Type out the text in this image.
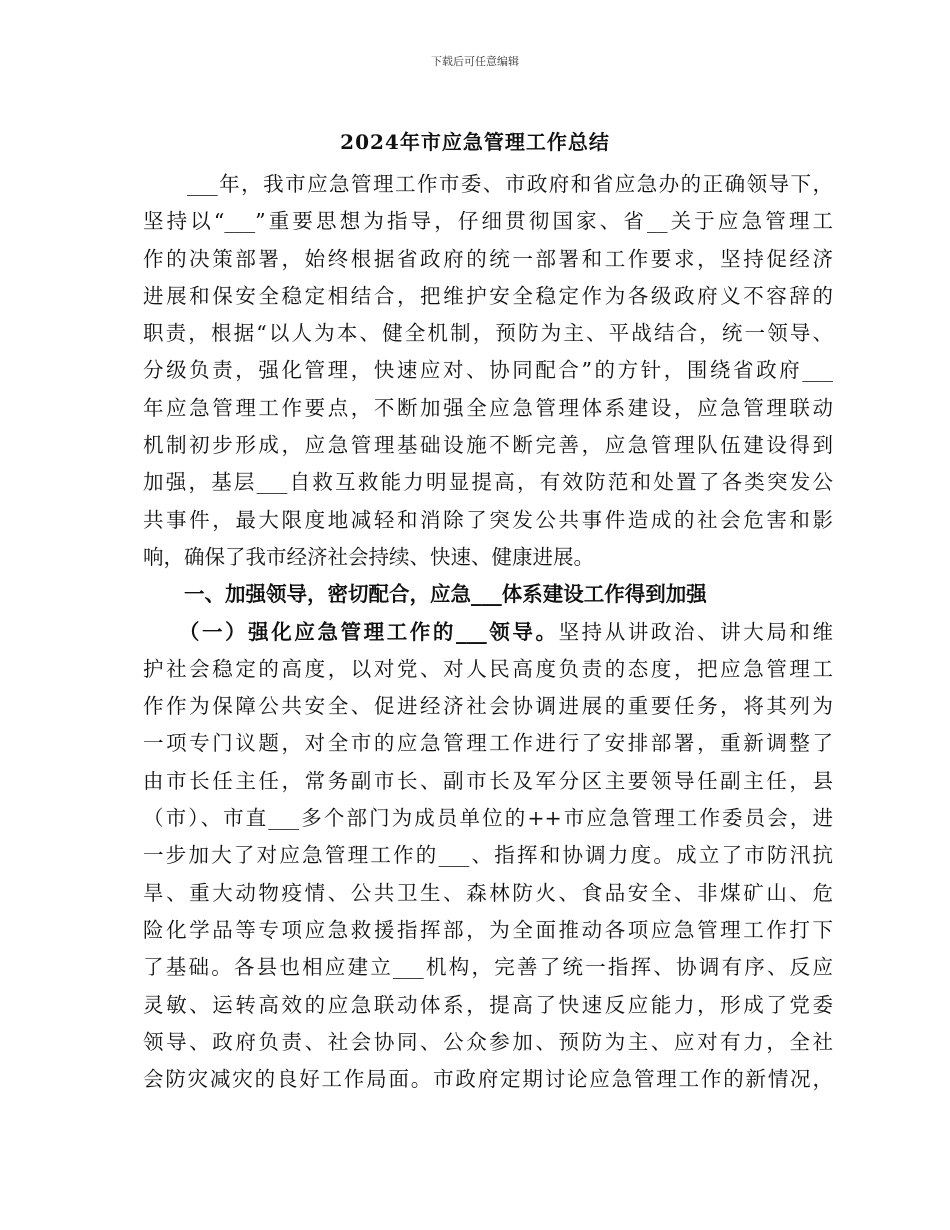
下载后可任意编辑
2024年市应急管理工作总结
　　___年，我市应急管理工作市委、市政府和省应急办的正确领导下，
坚持以“___”重要思想为指导，仔细贯彻国家、省__关于应急管理工
作的决策部署，始终根据省政府的统一部署和工作要求，坚持促经济
进展和保安全稳定相结合，把维护安全稳定作为各级政府义不容辞的
职责，根据“以人为本、健全机制，预防为主、平战结合，统一领导、
分级负责，强化管理，快速应对、协同配合”的方针，围绕省政府___
年应急管理工作要点，不断加强全应急管理体系建设，应急管理联动
机制初步形成，应急管理基础设施不断完善，应急管理队伍建设得到
加强，基层___自救互救能力明显提高，有效防范和处置了各类突发公
共事件，最大限度地减轻和消除了突发公共事件造成的社会危害和影
响，确保了我市经济社会持续、快速、健康进展。
　　一、加强领导，密切配合，应急___体系建设工作得到加强
　　（一）强化应急管理工作的___领导。坚持从讲政治、讲大局和维
护社会稳定的高度，以对党、对人民高度负责的态度，把应急管理工
作作为保障公共安全、促进经济社会协调进展的重要任务，将其列为
一项专门议题，对全市的应急管理工作进行了安排部署，重新调整了
由市长任主任，常务副市长、副市长及军分区主要领导任副主任，县
（市）、市直___多个部门为成员单位的++市应急管理工作委员会，进
一步加大了对应急管理工作的___、指挥和协调力度。成立了市防汛抗
旱、重大动物疫情、公共卫生、森林防火、食品安全、非煤矿山、危
险化学品等专项应急救援指挥部，为全面推动各项应急管理工作打下
了基础。各县也相应建立___机构，完善了统一指挥、协调有序、反应
灵敏、运转高效的应急联动体系，提高了快速反应能力，形成了党委
领导、政府负责、社会协同、公众参加、预防为主、应对有力，全社
会防灾减灾的良好工作局面。市政府定期讨论应急管理工作的新情况，
